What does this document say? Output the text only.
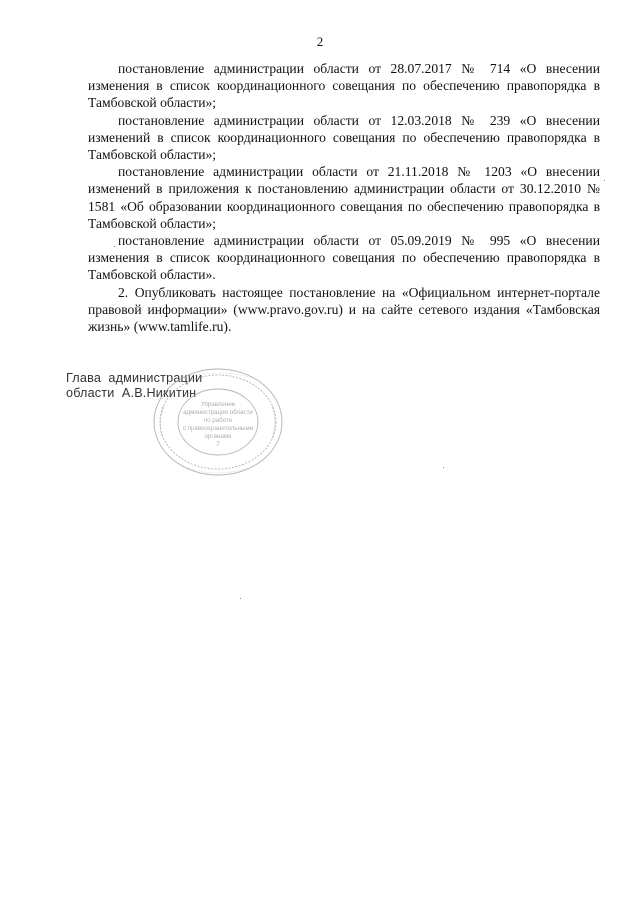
2

постановление администрации области от 28.07.2017 № 714 «О внесении изменения в список координационного совещания по обеспечению правопорядка в Тамбовской области»;

постановление администрации области от 12.03.2018 № 239 «О внесении изменений в список координационного совещания по обеспечению правопорядка в Тамбовской области»;

постановление администрации области от 21.11.2018 № 1203 «О внесении изменений в приложения к постановлению администрации области от 30.12.2010 № 1581 «Об образовании координационного совещания по обеспечению правопорядка в Тамбовской области»;

постановление администрации области от 05.09.2019 № 995 «О внесении изменения в список координационного совещания по обеспечению правопорядка в Тамбовской области».

2. Опубликовать настоящее постановление на «Официальном интернет-портале правовой информации» (www.pravo.gov.ru) и на сайте сетевого издания «Тамбовская жизнь» (www.tamlife.ru).

Глава  администрации
области  А.В.Никитин
Управление
администрации области
по работе
с правоохранительными
органами
7
